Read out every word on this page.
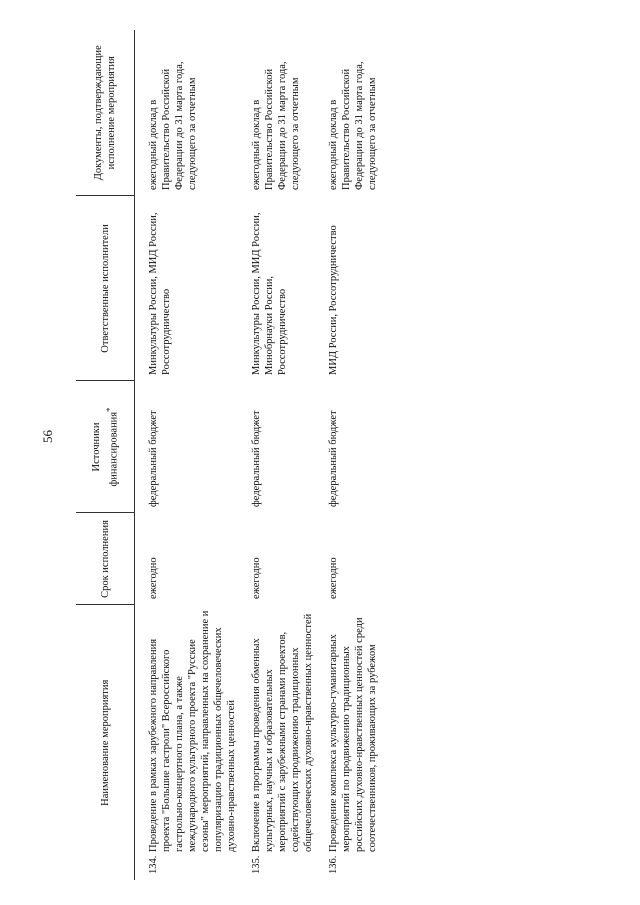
56
Наименование мероприятия	Срок исполнения	Источники финансирования*	Ответственные исполнители	Документы, подтверждающие исполнение мероприятия

134.
Проведение в рамках зарубежного направления проекта "Большие гастроли" Всероссийского гастрольно-концертного плана, а также международного культурного проекта "Русские сезоны" мероприятий, направленных на сохранение и популяризацию традиционных общечеловеческих духовно-нравственных ценностей	ежегодно	федеральный бюджет	Минкультуры России, МИД России, Россотрудничество	ежегодный доклад в Правительство Российской Федерации до 31 марта года, следующего за отчетным

135.
Включение в программы проведения обменных культурных, научных и образовательных мероприятий с зарубежными странами проектов, содействующих продвижению традиционных общечеловеческих духовно-нравственных ценностей	ежегодно	федеральный бюджет	Минкультуры России, МИД России, Минобрнауки России, Россотрудничество	ежегодный доклад в Правительство Российской Федерации до 31 марта года, следующего за отчетным

136.
Проведение комплекса культурно-гуманитарных мероприятий по продвижению традиционных российских духовно-нравственных ценностей среди соотечественников, проживающих за рубежом	ежегодно	федеральный бюджет	МИД России, Россотрудничество	ежегодный доклад в Правительство Российской Федерации до 31 марта года, следующего за отчетным
